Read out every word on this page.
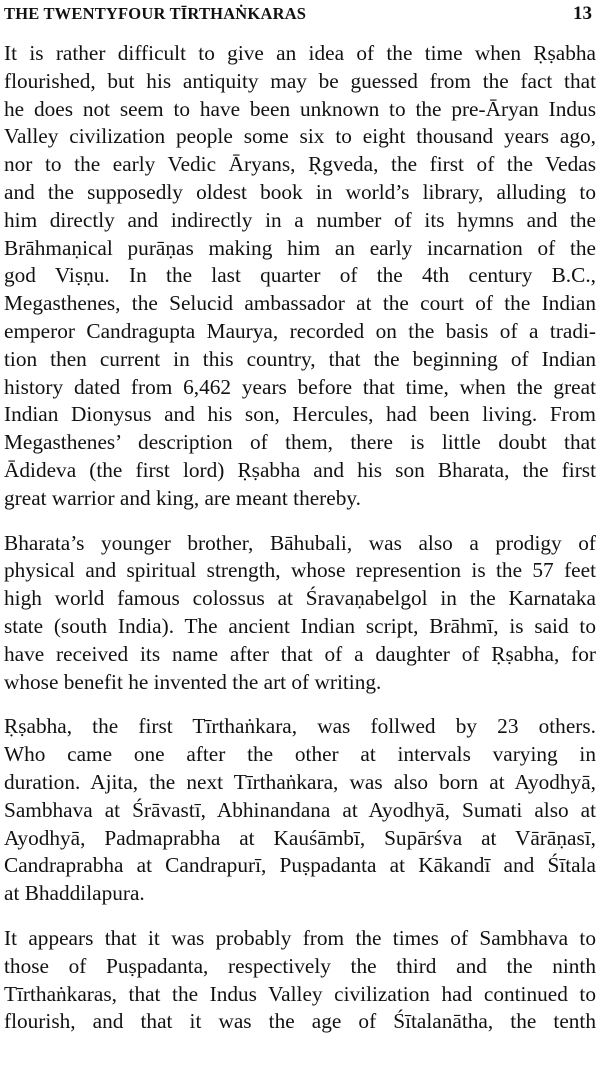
THE TWENTYFOUR TĪRTHAṄKARAS	13
It is rather difficult to give an idea of the time when Ṛṣabha
flourished, but his antiquity may be guessed from the fact that
he does not seem to have been unknown to the pre-Āryan Indus
Valley civilization people some six to eight thousand years ago,
nor to the early Vedic Āryans, Ṛgveda, the first of the Vedas
and the supposedly oldest book in world’s library, alluding to
him directly and indirectly in a number of its hymns and the
Brāhmaṇical purāṇas making him an early incarnation of the
god Viṣṇu. In the last quarter of the 4th century B.C.,
Megasthenes, the Selucid ambassador at the court of the Indian
emperor Candragupta Maurya, recorded on the basis of a tradi-
tion then current in this country, that the beginning of Indian
history dated from 6,462 years before that time, when the great
Indian Dionysus and his son, Hercules, had been living. From
Megasthenes’ description of them, there is little doubt that
Ādideva (the first lord) Ṛṣabha and his son Bharata, the first
great warrior and king, are meant thereby.
Bharata’s younger brother, Bāhubali, was also a prodigy of
physical and spiritual strength, whose represention is the 57 feet
high world famous colossus at Śravaṇabelgol in the Karnataka
state (south India). The ancient Indian script, Brāhmī, is said to
have received its name after that of a daughter of Ṛṣabha, for
whose benefit he invented the art of writing.
Ṛṣabha, the first Tīrthaṅkara, was follwed by 23 others.
Who came one after the other at intervals varying in
duration. Ajita, the next Tīrthaṅkara, was also born at Ayodhyā,
Sambhava at Śrāvastī, Abhinandana at Ayodhyā, Sumati also at
Ayodhyā, Padmaprabha at Kauśāmbī, Supārśva at Vārāṇasī,
Candraprabha at Candrapurī, Puṣpadanta at Kākandī and Śītala
at Bhaddilapura.
It appears that it was probably from the times of Sambhava to
those of Puṣpadanta, respectively the third and the ninth
Tīrthaṅkaras, that the Indus Valley civilization had continued to
flourish, and that it was the age of Śītalanātha, the tenth
